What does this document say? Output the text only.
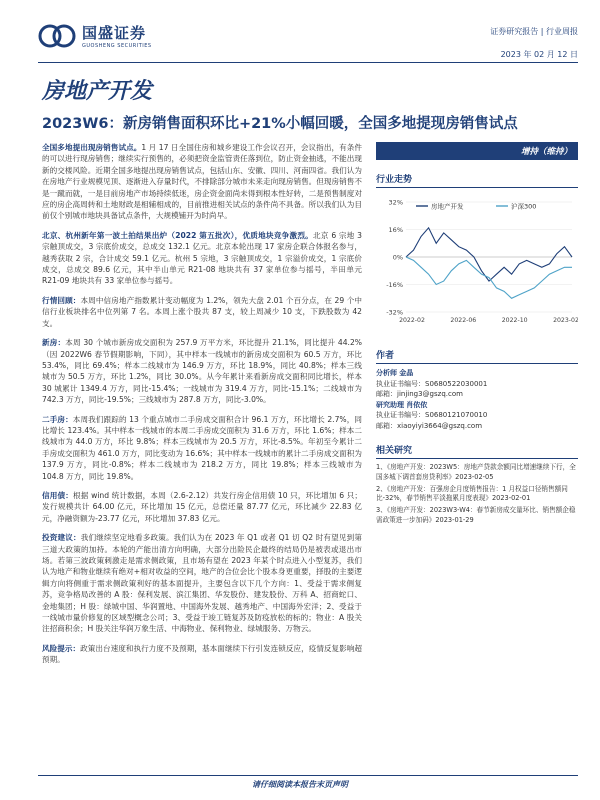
国盛证券
GUOSHENG SECURITIES
证券研究报告 | 行业周报
2023 年 02 月 12 日
房地产开发
2023W6：新房销售面积环比+21%小幅回暖，全国多地提现房销售试点

全国多地提出现房销售试点。1 月 17 日全国住房和城乡建设工作会议召开，会议指出，有条件的可以进行现房销售；继续实行预售的，必须把资金监管责任落到位，防止资金抽逃，不能出现新的交楼风险。近期全国多地提出现房销售试点，包括山东、安徽、四川、河南四省。我们认为在房地产行业规模见顶、逐渐进入存量时代，不排除部分城市未来走向现房销售。但现房销售不是一蹴而就，一是目前房地产市场持续低迷，房企资金面尚未得到根本性好转，二是预售制度对应的房企高周转和土地财政是相辅相成的，目前推进相关试点的条件尚不具备。所以我们认为目前仅个别城市地块具备试点条件，大规模铺开为时尚早。

北京、杭州新年第一波土拍结果出炉（2022 第五批次），优质地块竞争激烈。北京 6 宗地 3 宗触顶成交，3 宗底价成交，总成交 132.1 亿元。北京本轮出现 17 家房企联合体报名参与，越秀获取 2 宗，合计成交 59.1 亿元。杭州 5 宗地，3 宗触顶成交，1 宗溢价成交，1 宗底价成交，总成交 89.6 亿元，其中半山单元 R21-08 地块共有 37 家单位参与摇号，半田单元 R21-09 地块共有 33 家单位参与摇号。

行情回顾：本周中信房地产指数累计变动幅度为 1.2%，领先大盘 2.01 个百分点，在 29 个中信行业板块排名中位列第 7 名。本周上涨个股共 87 支，较上周减少 10 支，下跌股数为 42 支。

新房：本周 30 个城市新房成交面积为 257.9 万平方米，环比提升 21.1%，同比提升 44.2%（因 2022W6 春节假期影响，下同），其中样本一线城市的新房成交面积为 60.5 万方，环比 53.4%，同比 69.4%；样本二线城市为 146.9 万方，环比 18.9%，同比 40.8%；样本三线城市为 50.5 万方，环比 1.2%，同比 30.0%。从今年累计来看新房成交面积同比增长，样本 30 城累计 1349.4 万方，同比-15.4%；一线城市为 319.4 万方，同比-15.1%；二线城市为 742.3 万方，同比-19.5%；三线城市为 287.8 万方，同比-3.0%。

二手房：本周我们跟踪的 13 个重点城市二手房成交面积合计 96.1 万方，环比增长 2.7%，同比增长 123.4%。其中样本一线城市的本周二手房成交面积为 31.6 万方，环比 1.6%；样本二线城市为 44.0 万方，环比 9.8%；样本三线城市为 20.5 万方，环比-8.5%。年初至今累计二手房成交面积为 461.0 万方，同比变动为 16.6%；其中样本一线城市的累计二手房成交面积为 137.9 万方，同比-0.8%；样本二线城市为 218.2 万方，同比 19.8%；样本三线城市为 104.8 万方，同比 19.8%。

信用债：根据 wind 统计数据，本周（2.6-2.12）共发行房企信用债 10 只，环比增加 6 只；发行规模共计 64.00 亿元，环比增加 15 亿元，总偿还量 87.77 亿元，环比减少 22.83 亿元，净融资额为-23.77 亿元，环比增加 37.83 亿元。

投资建议：我们继续坚定地看多政策。我们认为在 2023 年 Q1 或者 Q1 切 Q2 时有望见到第三道大政策的加持。本轮的产能出清方向明确，大部分出险民企最终的结局仍是被表或退出市场。若第三波政策刺激走是需求侧政策，且市场有望在 2023 年某个时点进入小型复苏，我们认为地产和物业继续有绝对+相对收益的空间，地产的合位会比个股本身更重要，择股的主要逻辑方向将侧重于需求侧政策利好的基本面提升，主要包含以下几个方向：1、受益于需求侧复苏，竞争格局改善的 A 股：保利发展、滨江集团、华发股份、建发股份、万科 A、招商蛇口、金地集团；H 股：绿城中国、华润置地、中国海外发展、越秀地产、中国海外宏洋；2、受益于一线城市量价修复的区域型概念公司；3、受益于竣工链复苏及防疫放松的标的；物业：A 股关注招商积余；H 股关注华润万象生活、中海物业、保利物业、绿城服务、万物云。

风险提示：政策出台速度和执行力度不及预期，基本面继续下行引发连锁反应，疫情反复影响超预期。

增持（维持）
行业走势
32%
16%
0%
-16%
-32%
2022-02	2022-06	2022-10	2023-02
房地产开发	沪深300
作者
分析师 金晶
执业证书编号：S0680522030001
邮箱：jinjing3@gszq.com
研究助理 肖依依
执业证书编号：S0680121070010
邮箱：xiaoyiyi3664@gszq.com
相关研究
1、《房地产开发：2023W5：房地产贷款余额同比增速继续下行，全国多城下调首套房贷利率》2023-02-05
2、《房地产开发：百强房企月度销售报告：1 月权益口径销售额同比-32%，春节销售平淡拖累月度表现》2023-02-01
3、《房地产开发：2023W3-W4：春节新房成交量环比、销售额企稳需政策进一步加码》2023-01-29
请仔细阅读本报告末页声明
